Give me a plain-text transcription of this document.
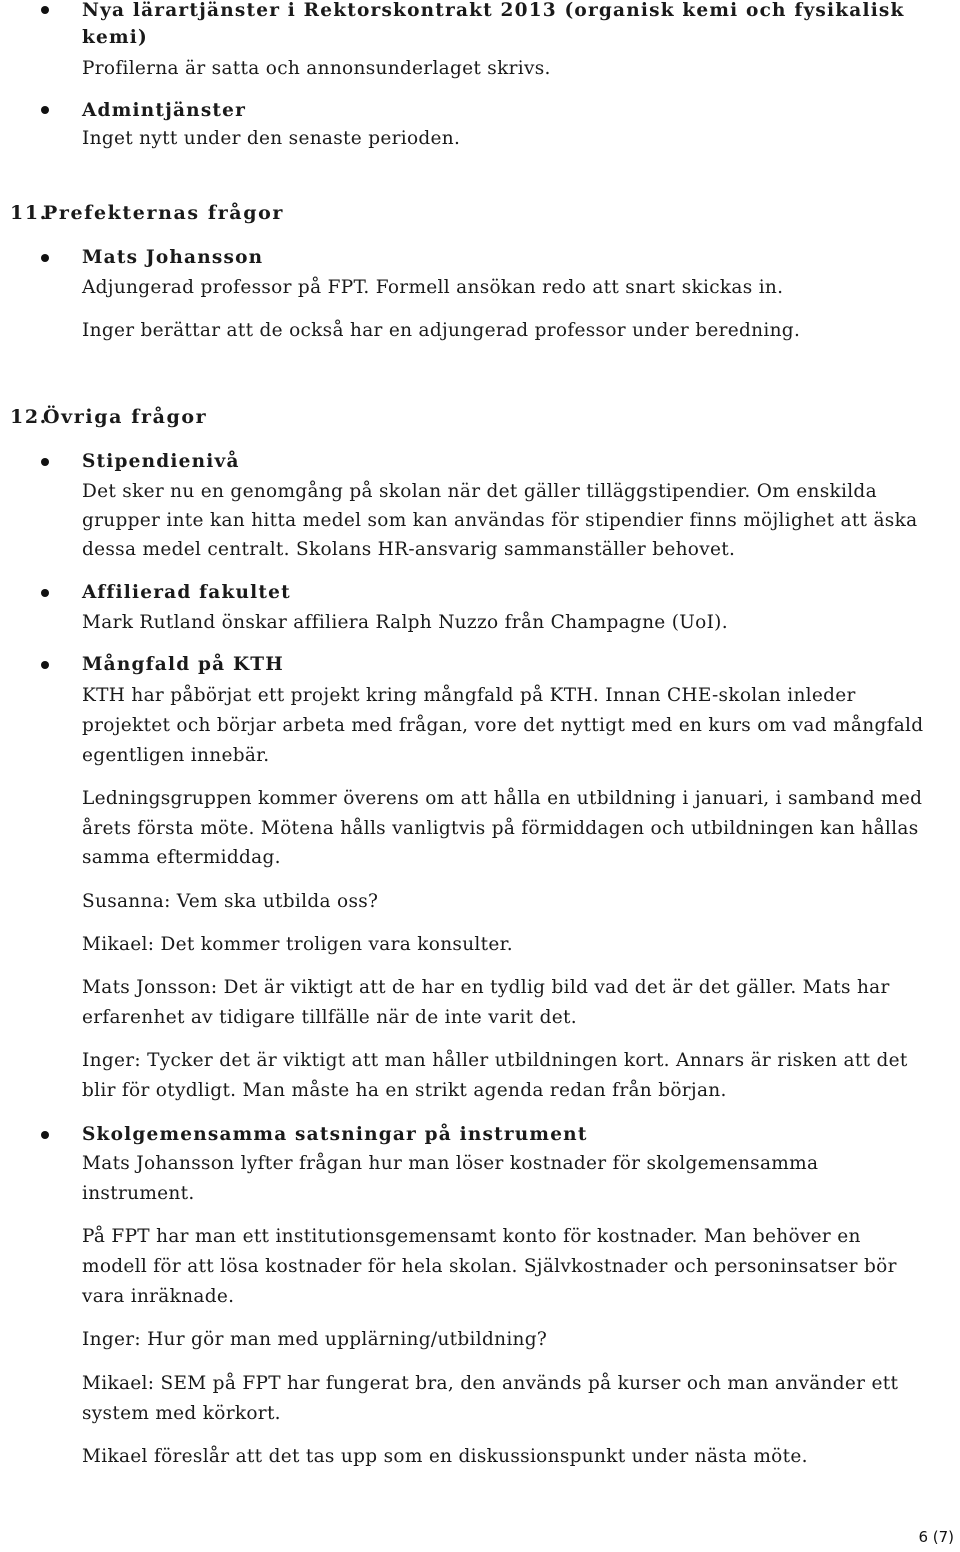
Nya lärartjänster i Rektorskontrakt 2013 (organisk kemi och fysikalisk
kemi)
Profilerna är satta och annonsunderlaget skrivs.
Admintjänster
Inget nytt under den senaste perioden.
11.
Prefekternas frågor
Mats Johansson
Adjungerad professor på FPT. Formell ansökan redo att snart skickas in.
Inger berättar att de också har en adjungerad professor under beredning.
12.
Övriga frågor
Stipendienivå
Det sker nu en genomgång på skolan när det gäller tilläggstipendier. Om enskilda
grupper inte kan hitta medel som kan användas för stipendier finns möjlighet att äska
dessa medel centralt. Skolans HR-ansvarig sammanställer behovet.
Affilierad fakultet
Mark Rutland önskar affiliera Ralph Nuzzo från Champagne (UoI).
Mångfald på KTH
KTH har påbörjat ett projekt kring mångfald på KTH. Innan CHE-skolan inleder
projektet och börjar arbeta med frågan, vore det nyttigt med en kurs om vad mångfald
egentligen innebär.
Ledningsgruppen kommer överens om att hålla en utbildning i januari, i samband med
årets första möte. Mötena hålls vanligtvis på förmiddagen och utbildningen kan hållas
samma eftermiddag.
Susanna: Vem ska utbilda oss?
Mikael: Det kommer troligen vara konsulter.
Mats Jonsson: Det är viktigt att de har en tydlig bild vad det är det gäller. Mats har
erfarenhet av tidigare tillfälle när de inte varit det.
Inger: Tycker det är viktigt att man håller utbildningen kort. Annars är risken att det
blir för otydligt. Man måste ha en strikt agenda redan från början.
Skolgemensamma satsningar på instrument
Mats Johansson lyfter frågan hur man löser kostnader för skolgemensamma
instrument.
På FPT har man ett institutionsgemensamt konto för kostnader. Man behöver en
modell för att lösa kostnader för hela skolan. Självkostnader och personinsatser bör
vara inräknade.
Inger: Hur gör man med upplärning/utbildning?
Mikael: SEM på FPT har fungerat bra, den används på kurser och man använder ett
system med körkort.
Mikael föreslår att det tas upp som en diskussionspunkt under nästa möte.
6 (7)
